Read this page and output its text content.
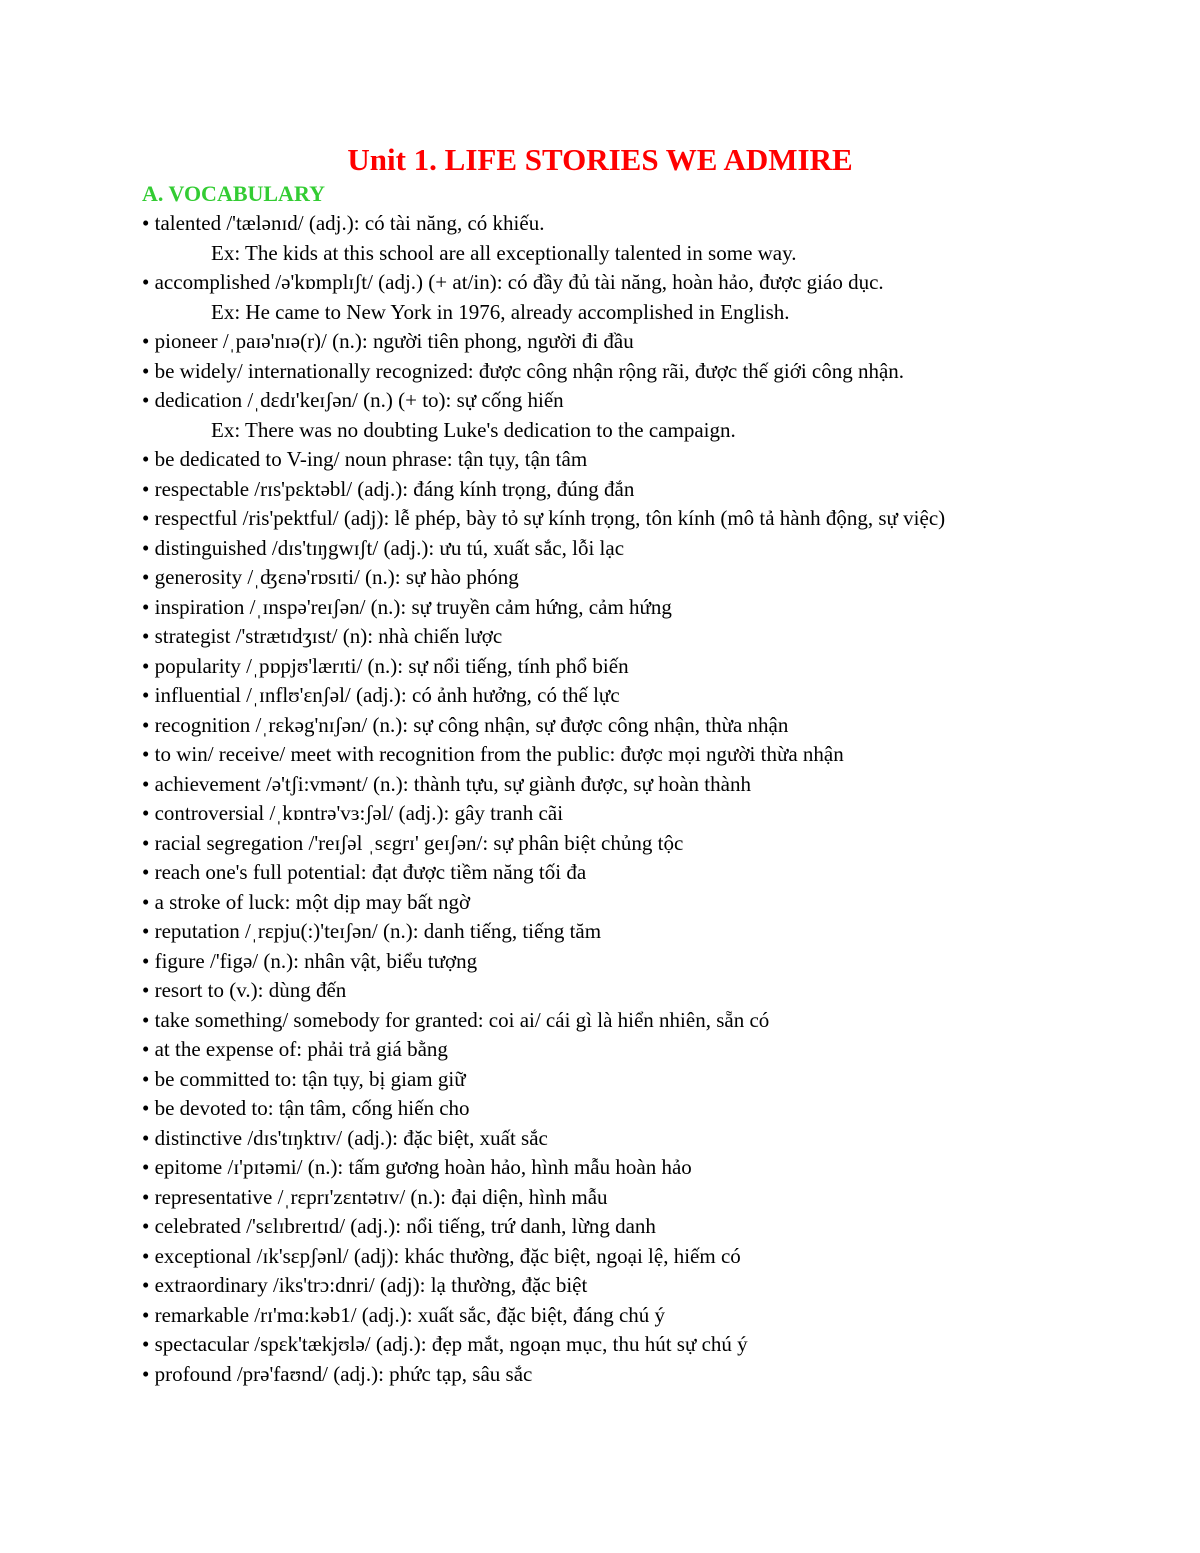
Unit 1. LIFE STORIES WE ADMIRE
A. VOCABULARY
• talented /'tælənɪd/ (adj.): có tài năng, có khiếu.
Ex: The kids at this school are all exceptionally talented in some way.
• accomplished /ə'kɒmplɪʃt/ (adj.) (+ at/in): có đầy đủ tài năng, hoàn hảo, được giáo dục.
Ex: He came to New York in 1976, already accomplished in English.
• pioneer /ˌpaɪə'nɪə(r)/ (n.): người tiên phong, người đi đầu
• be widely/ internationally recognized: được công nhận rộng rãi, được thế giới công nhận.
• dedication /ˌdɛdɪ'keɪʃən/ (n.) (+ to): sự cống hiến
Ex: There was no doubting Luke's dedication to the campaign.
• be dedicated to V-ing/ noun phrase: tận tụy, tận tâm
• respectable /rɪs'pɛktəbl/ (adj.): đáng kính trọng, đúng đắn
• respectful /ris'pektful/ (adj): lễ phép, bày tỏ sự kính trọng, tôn kính (mô tả hành động, sự việc)
• distinguished /dɪs'tɪŋgwɪʃt/ (adj.): ưu tú, xuất sắc, lỗi lạc
• generosity /ˌʤɛnə'rɒsɪti/ (n.): sự hào phóng
• inspiration /ˌɪnspə'reɪʃən/ (n.): sự truyền cảm hứng, cảm hứng
• strategist /'strætɪdʒɪst/ (n): nhà chiến lược
• popularity /ˌpɒpjʊ'lærɪti/ (n.): sự nổi tiếng, tính phổ biến
• influential /ˌɪnflʊ'ɛnʃəl/ (adj.): có ảnh hưởng, có thế lực
• recognition /ˌrɛkəg'nɪʃən/ (n.): sự công nhận, sự được công nhận, thừa nhận
• to win/ receive/ meet with recognition from the public: được mọi người thừa nhận
• achievement /ə'tʃi:vmənt/ (n.): thành tựu, sự giành được, sự hoàn thành
• controversial /ˌkɒntrə'vɜ:ʃəl/ (adj.): gây tranh cãi
• racial segregation /'reɪʃəl ˌsɛgrɪ' geɪʃən/: sự phân biệt chủng tộc
• reach one's full potential: đạt được tiềm năng tối đa
• a stroke of luck: một dịp may bất ngờ
• reputation /ˌrɛpju(:)'teɪʃən/ (n.): danh tiếng, tiếng tăm
• figure /'figə/ (n.): nhân vật, biểu tượng
• resort to (v.): dùng đến
• take something/ somebody for granted: coi ai/ cái gì là hiển nhiên, sẵn có
• at the expense of: phải trả giá bằng
• be committed to: tận tụy, bị giam giữ
• be devoted to: tận tâm, cống hiến cho
• distinctive /dɪs'tɪŋktɪv/ (adj.): đặc biệt, xuất sắc
• epitome /ɪ'pɪtəmi/ (n.): tấm gương hoàn hảo, hình mẫu hoàn hảo
• representative /ˌrɛprɪ'zɛntətɪv/ (n.): đại diện, hình mẫu
• celebrated /'sɛlɪbreɪtɪd/ (adj.): nổi tiếng, trứ danh, lừng danh
• exceptional /ɪk'sɛpʃənl/ (adj): khác thường, đặc biệt, ngoại lệ, hiếm có
• extraordinary /iks'trɔ:dnri/ (adj): lạ thường, đặc biệt
• remarkable /rɪ'mɑ:kəb1/ (adj.): xuất sắc, đặc biệt, đáng chú ý
• spectacular /spɛk'tækjʊlə/ (adj.): đẹp mắt, ngoạn mục, thu hút sự chú ý
• profound /prə'faʊnd/ (adj.): phức tạp, sâu sắc
